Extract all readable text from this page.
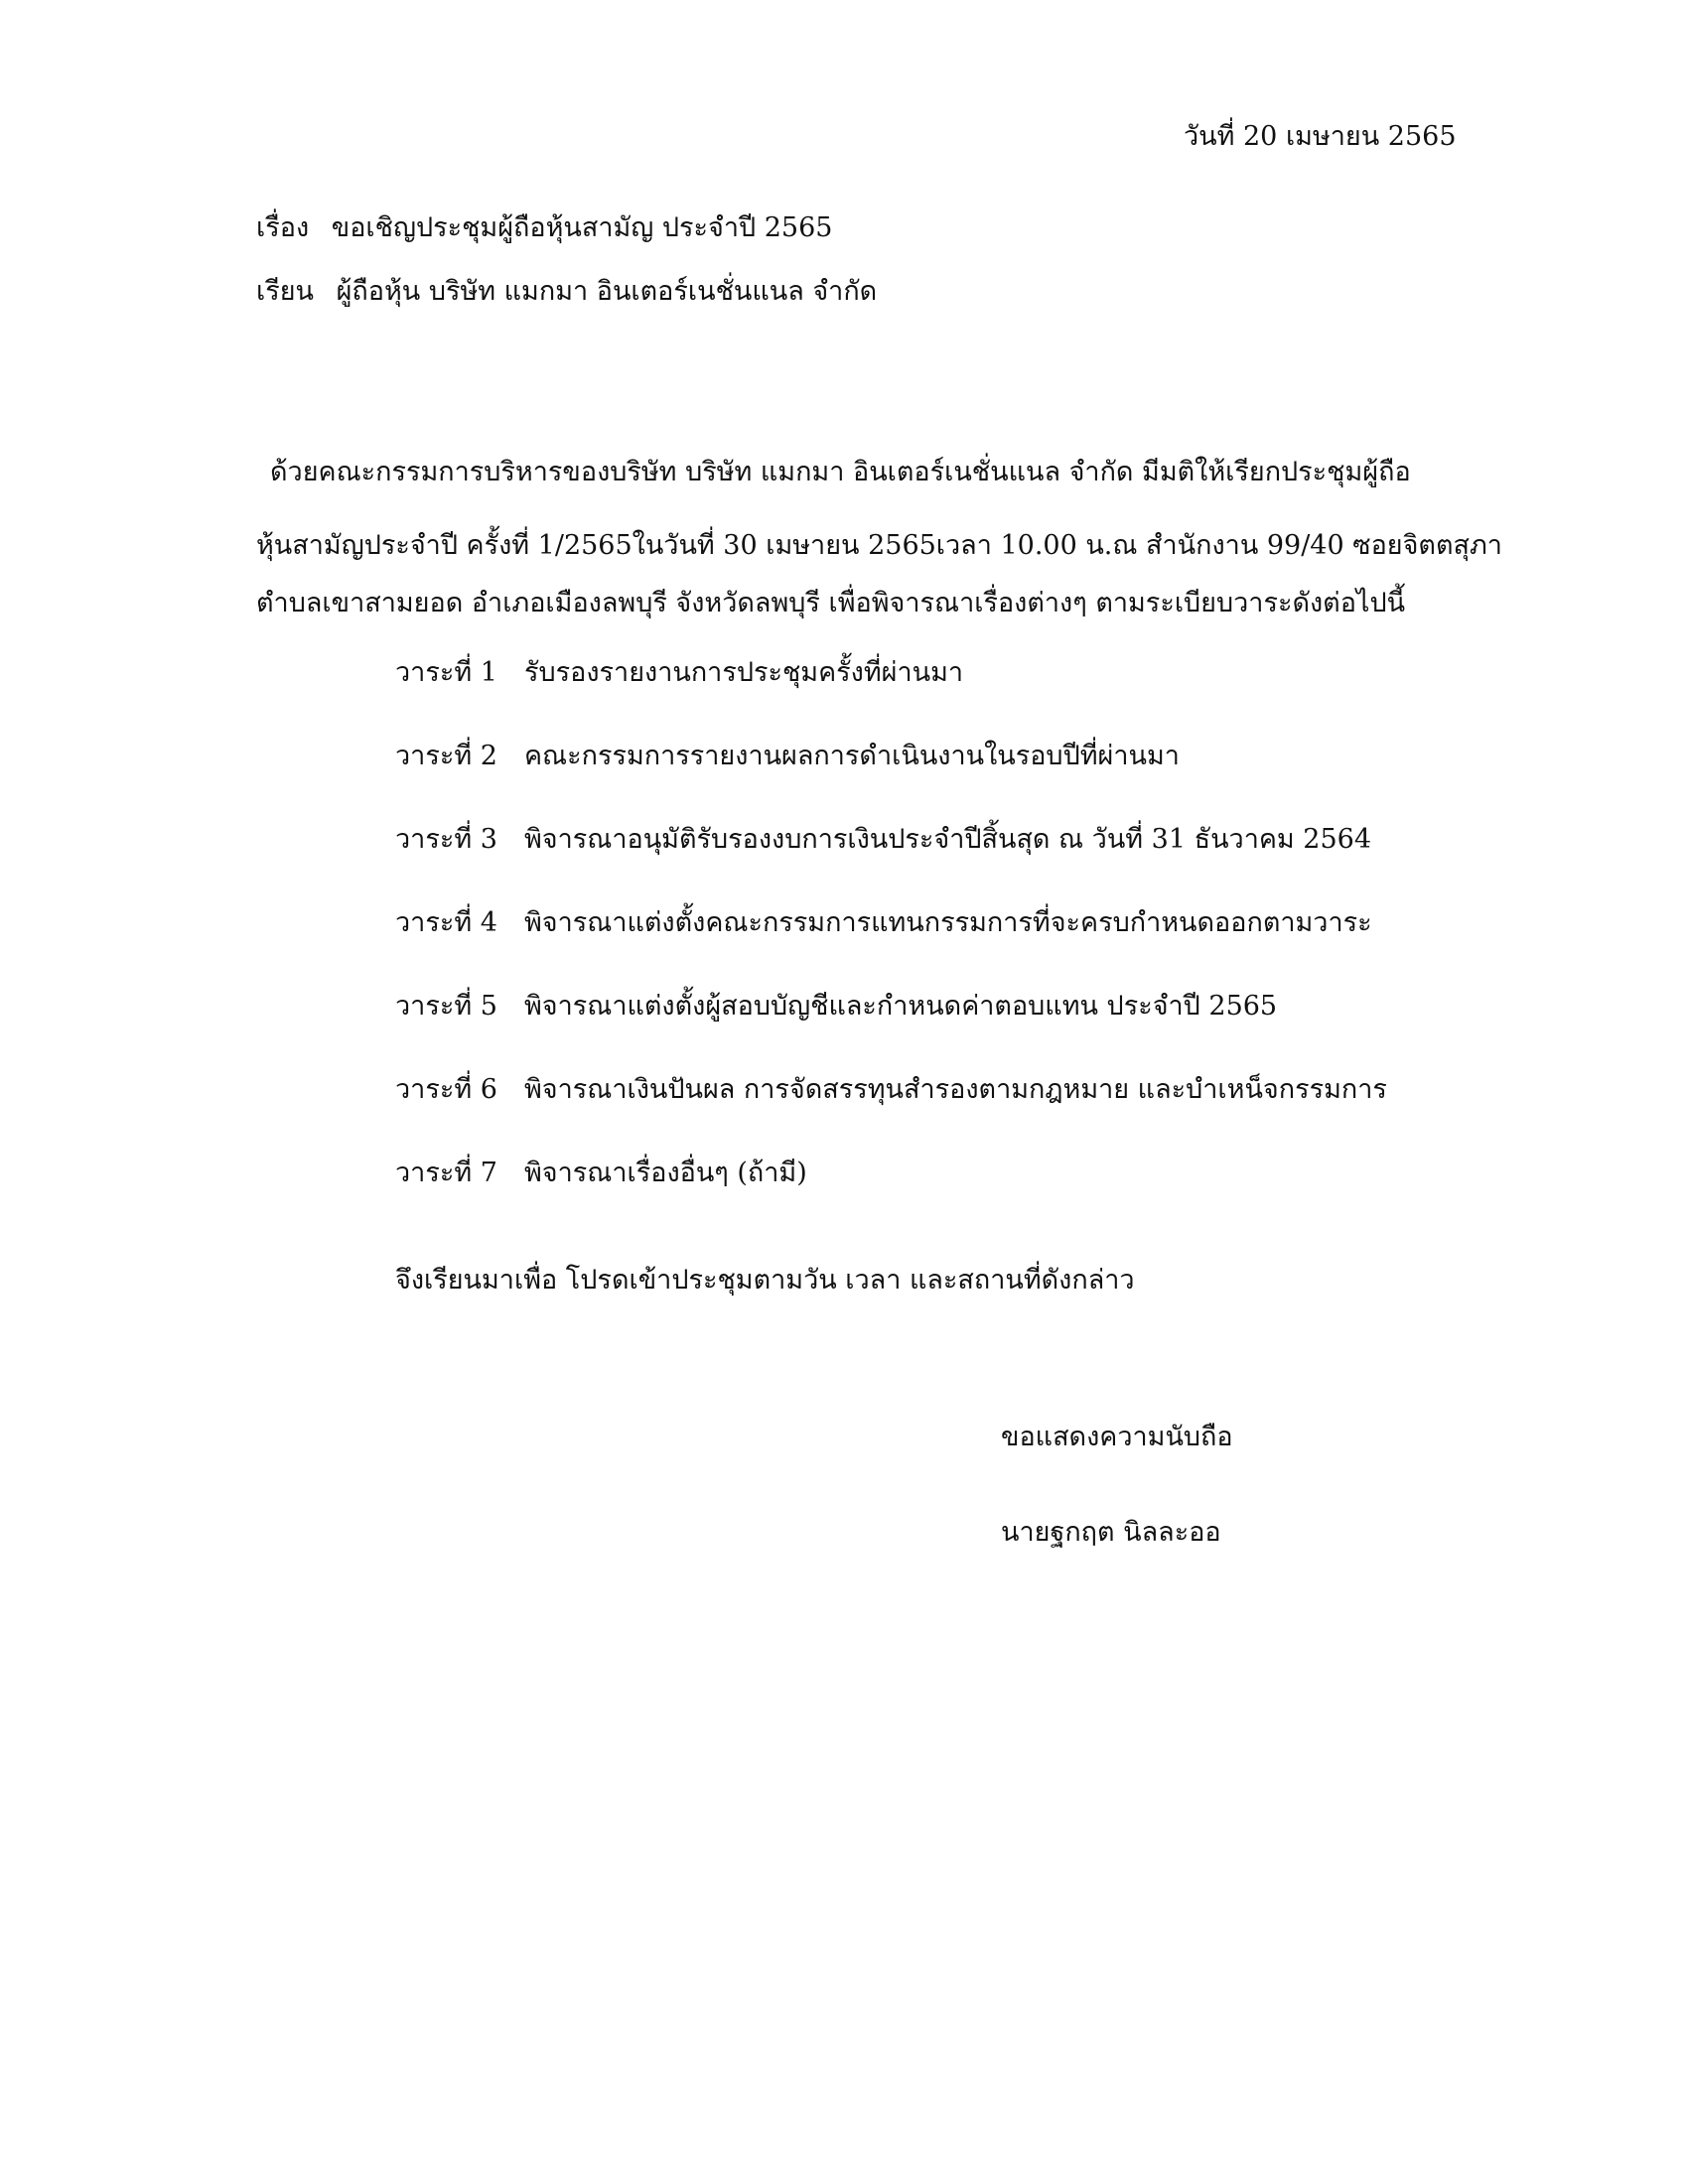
วันที่ 20 เมษายน 2565
เรื่อง ขอเชิญประชุมผู้ถือหุ้นสามัญ ประจำปี 2565
เรียน ผู้ถือหุ้น บริษัท แมกมา อินเตอร์เนชั่นแนล จำกัด
ด้วยคณะกรรมการบริหารของบริษัท บริษัท แมกมา อินเตอร์เนชั่นแนล จำกัด มีมติให้เรียกประชุมผู้ถือ
หุ้นสามัญประจำปี ครั้งที่ 1/2565ในวันที่ 30 เมษายน 2565เวลา 10.00 น.ณ สำนักงาน 99/40 ซอยจิตตสุภา
ตำบลเขาสามยอด อำเภอเมืองลพบุรี จังหวัดลพบุรี เพื่อพิจารณาเรื่องต่างๆ ตามระเบียบวาระดังต่อไปนี้
วาระที่ 1 รับรองรายงานการประชุมครั้งที่ผ่านมา
วาระที่ 2 คณะกรรมการรายงานผลการดำเนินงานในรอบปีที่ผ่านมา
วาระที่ 3 พิจารณาอนุมัติรับรองงบการเงินประจำปีสิ้นสุด ณ วันที่ 31 ธันวาคม 2564
วาระที่ 4 พิจารณาแต่งตั้งคณะกรรมการแทนกรรมการที่จะครบกำหนดออกตามวาระ
วาระที่ 5 พิจารณาแต่งตั้งผู้สอบบัญชีและกำหนดค่าตอบแทน ประจำปี 2565
วาระที่ 6 พิจารณาเงินปันผล การจัดสรรทุนสำรองตามกฎหมาย และบำเหน็จกรรมการ
วาระที่ 7 พิจารณาเรื่องอื่นๆ (ถ้ามี)
จึงเรียนมาเพื่อ โปรดเข้าประชุมตามวัน เวลา และสถานที่ดังกล่าว
ขอแสดงความนับถือ
นายฐกฤต นิลละออ
